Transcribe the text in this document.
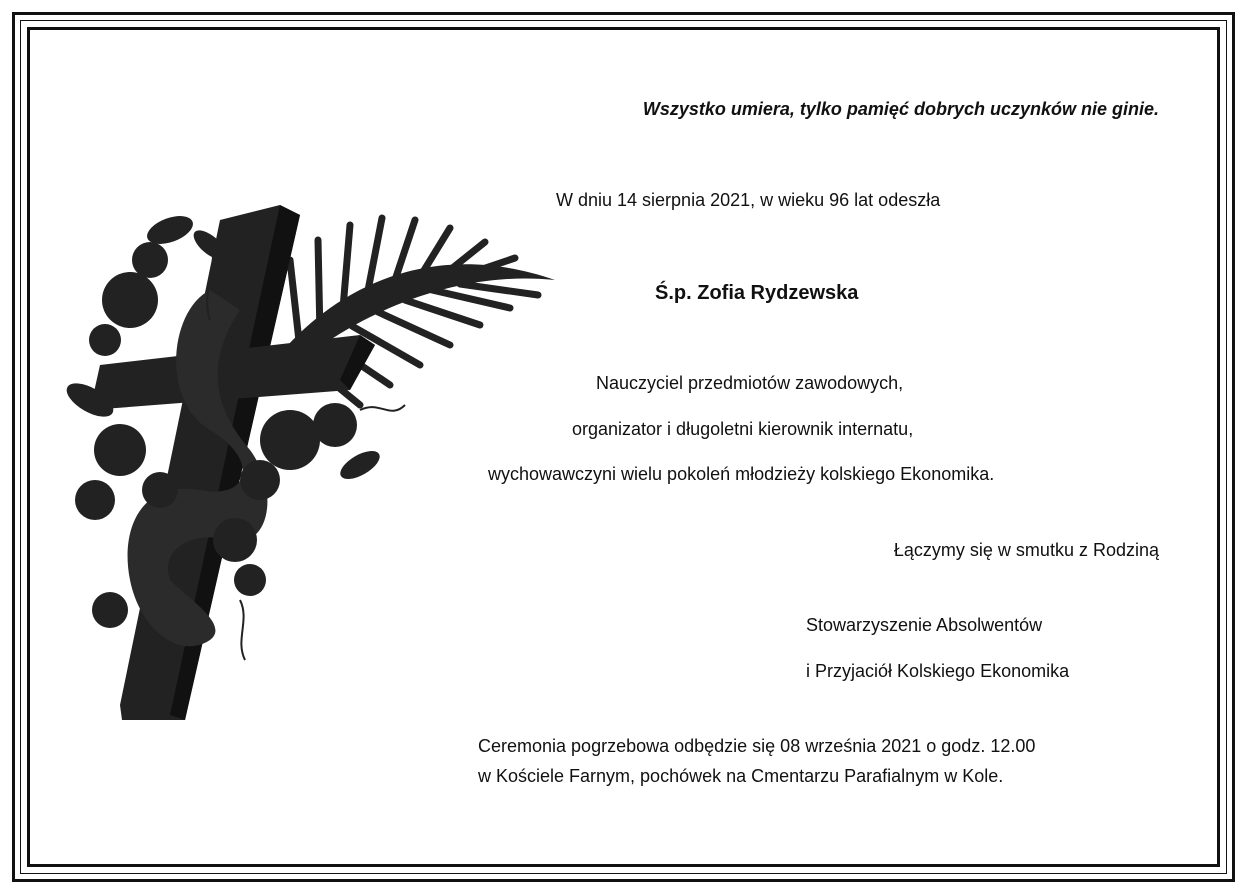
Wszystko umiera, tylko pamięć dobrych uczynków nie ginie.
W dniu 14 sierpnia 2021, w wieku 96 lat odeszła
Ś.p. Zofia Rydzewska
Nauczyciel przedmiotów zawodowych,
organizator i długoletni kierownik internatu,
wychowawczyni wielu pokoleń młodzieży kolskiego Ekonomika.
Łączymy się w smutku z Rodziną
Stowarzyszenie Absolwentów
i Przyjaciół Kolskiego Ekonomika
Ceremonia pogrzebowa odbędzie się 08 września 2021 o godz. 12.00
w Kościele Farnym, pochówek na Cmentarzu Parafialnym w Kole.
